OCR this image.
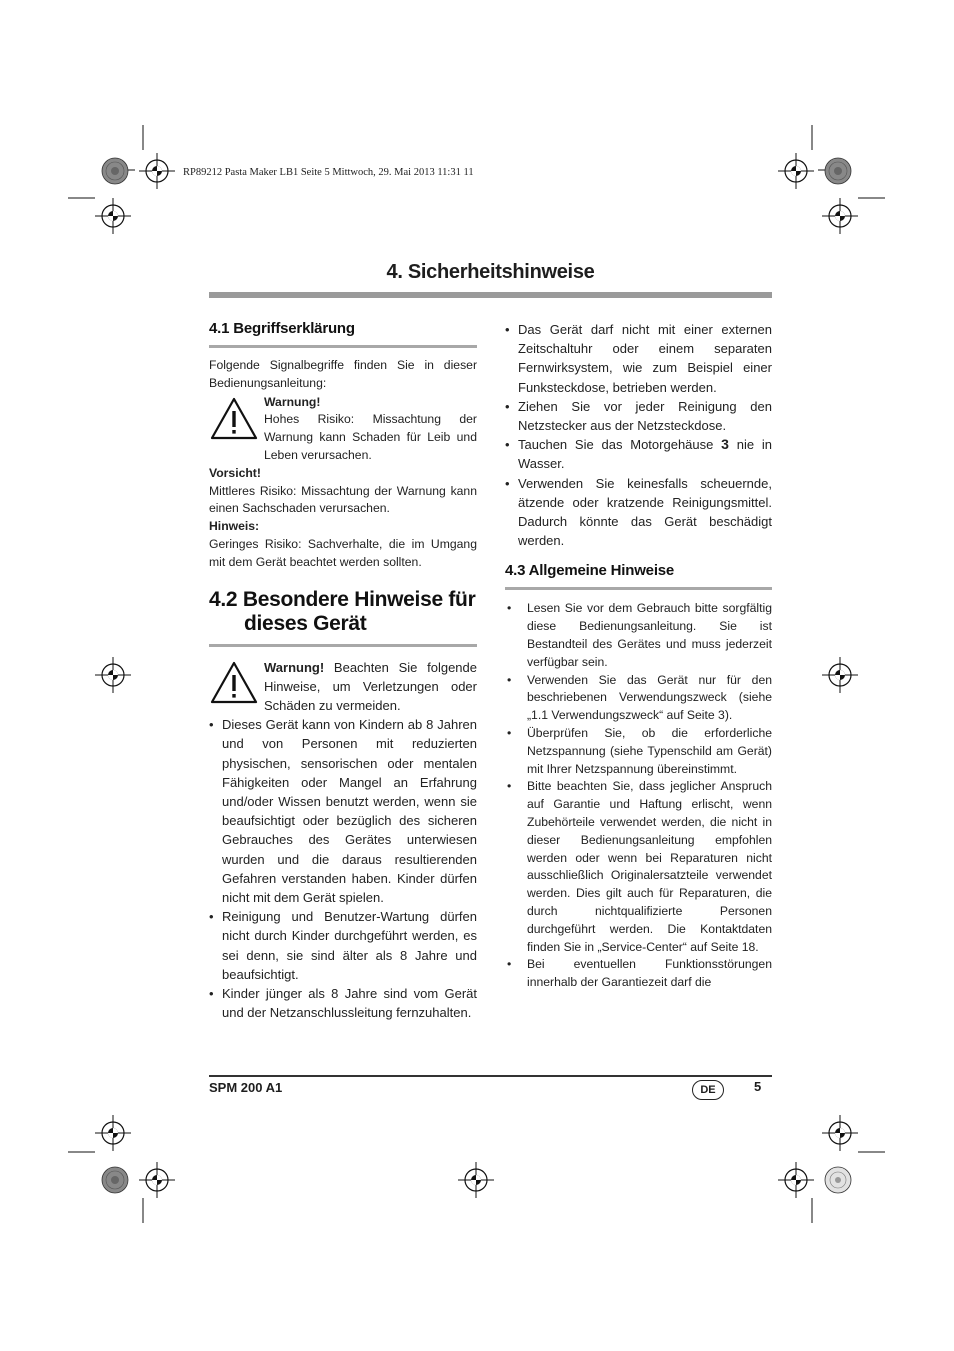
RP89212 Pasta Maker LB1 Seite 5 Mittwoch, 29. Mai 2013 11:31 11
4. Sicherheitshinweise
4.1 Begriffserklärung
Folgende Signalbegriffe finden Sie in dieser Bedienungsanleitung:
Warnung!
Hohes Risiko: Missachtung der Warnung kann Schaden für Leib und Leben verursachen.
Vorsicht!
Mittleres Risiko: Missachtung der Warnung kann einen Sachschaden verursachen.
Hinweis:
Geringes Risiko: Sachverhalte, die im Umgang mit dem Gerät beachtet werden sollten.
4.2 Besondere Hinweise für
dieses Gerät
Warnung! Beachten Sie folgende Hinweise, um Verletzungen oder Schäden zu vermeiden.
• Dieses Gerät kann von Kindern ab 8 Jahren und von Personen mit reduzierten physischen, sensorischen oder mentalen Fähigkeiten oder Mangel an Erfahrung und/oder Wissen benutzt werden, wenn sie beaufsichtigt oder bezüglich des sicheren Gebrauches des Gerätes unterwiesen wurden und die daraus resultierenden Gefahren verstanden haben. Kinder dürfen nicht mit dem Gerät spielen.
• Reinigung und Benutzer-Wartung dürfen nicht durch Kinder durchgeführt werden, es sei denn, sie sind älter als 8 Jahre und beaufsichtigt.
• Kinder jünger als 8 Jahre sind vom Gerät und der Netzanschlussleitung fernzuhalten.
• Das Gerät darf nicht mit einer externen Zeitschaltuhr oder einem separaten Fernwirksystem, wie zum Beispiel einer Funksteckdose, betrieben werden.
• Ziehen Sie vor jeder Reinigung den Netzstecker aus der Netzsteckdose.
• Tauchen Sie das Motorgehäuse 3 nie in Wasser.
• Verwenden Sie keinesfalls scheuernde, ätzende oder kratzende Reinigungsmittel. Dadurch könnte das Gerät beschädigt werden.
4.3 Allgemeine Hinweise
• Lesen Sie vor dem Gebrauch bitte sorgfältig diese Bedienungsanleitung. Sie ist Bestandteil des Gerätes und muss jederzeit verfügbar sein.
• Verwenden Sie das Gerät nur für den beschriebenen Verwendungszweck (siehe „1.1 Verwendungszweck“ auf Seite 3).
• Überprüfen Sie, ob die erforderliche Netzspannung (siehe Typenschild am Gerät) mit Ihrer Netzspannung übereinstimmt.
• Bitte beachten Sie, dass jeglicher Anspruch auf Garantie und Haftung erlischt, wenn Zubehörteile verwendet werden, die nicht in dieser Bedienungsanleitung empfohlen werden oder wenn bei Reparaturen nicht ausschließlich Originalersatzteile verwendet werden. Dies gilt auch für Reparaturen, die durch nichtqualifizierte Personen durchgeführt werden. Die Kontaktdaten finden Sie in „Service-Center“ auf Seite 18.
• Bei eventuellen Funktionsstörungen innerhalb der Garantiezeit darf die
SPM 200 A1	DE	5
